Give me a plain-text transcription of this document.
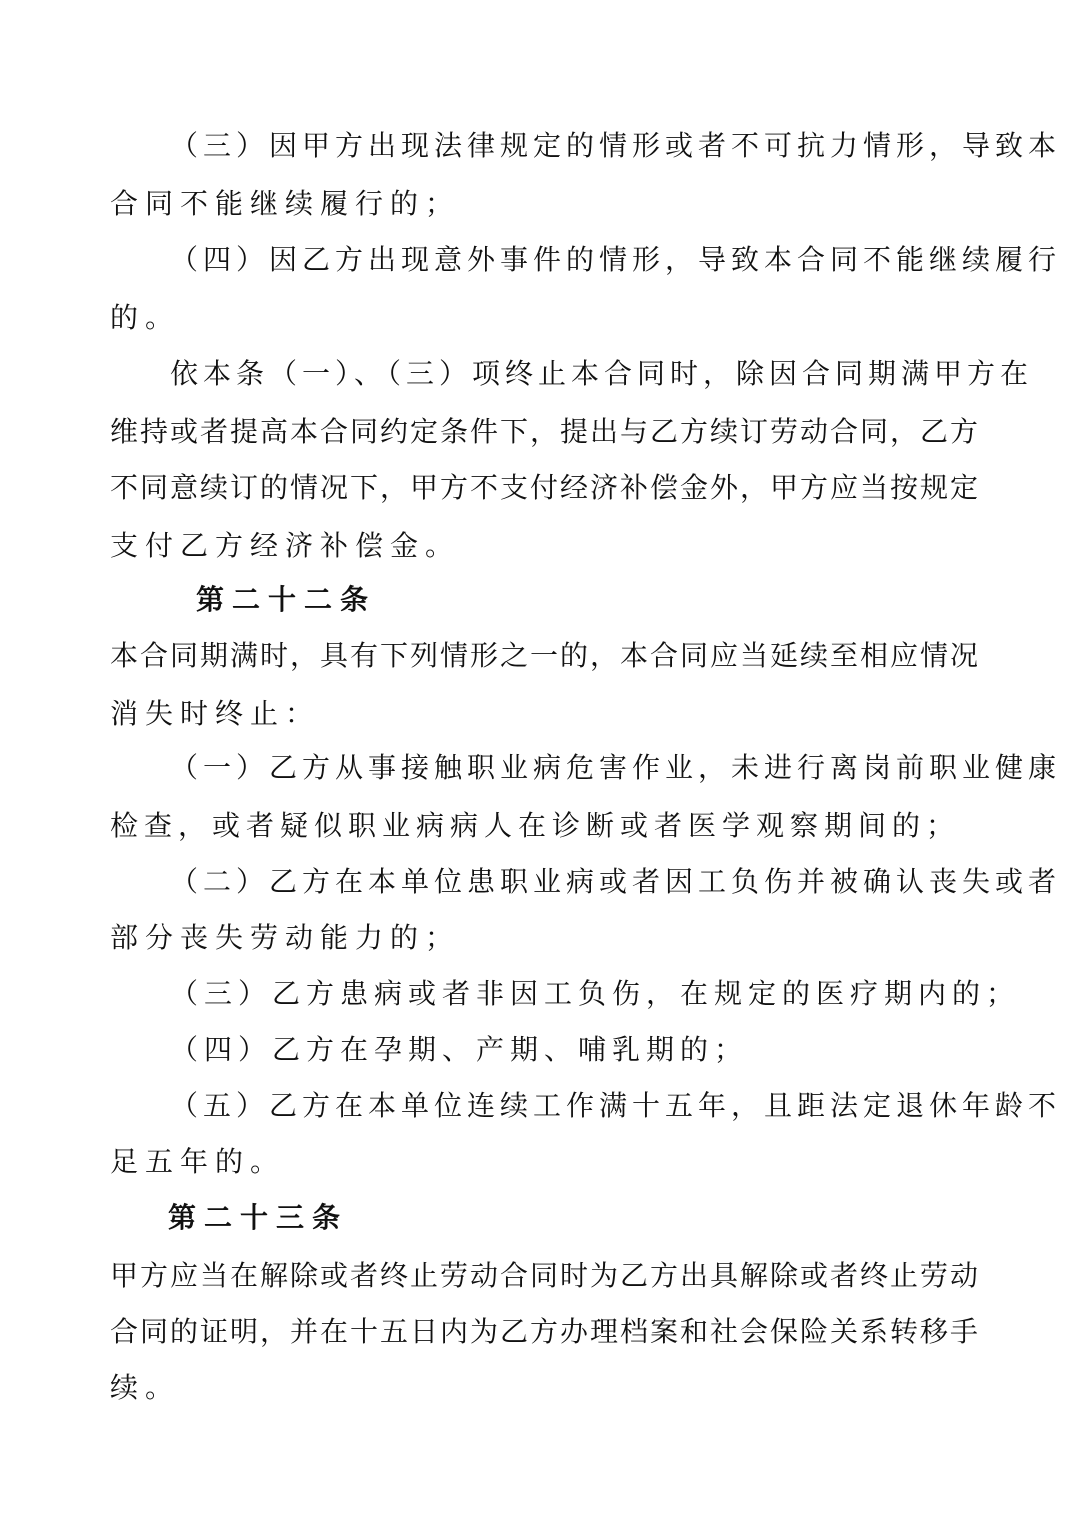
（三）因甲方出现法律规定的情形或者不可抗力情形，导致本
合同不能继续履行的；
（四）因乙方出现意外事件的情形，导致本合同不能继续履行
的。
依本条（一）、（三）项终止本合同时，除因合同期满甲方在
维持或者提高本合同约定条件下，提出与乙方续订劳动合同，乙方
不同意续订的情况下，甲方不支付经济补偿金外，甲方应当按规定
支付乙方经济补偿金。
第二十二条
本合同期满时，具有下列情形之一的，本合同应当延续至相应情况
消失时终止：
（一）乙方从事接触职业病危害作业，未进行离岗前职业健康
检查，或者疑似职业病病人在诊断或者医学观察期间的；
（二）乙方在本单位患职业病或者因工负伤并被确认丧失或者
部分丧失劳动能力的；
（三）乙方患病或者非因工负伤，在规定的医疗期内的；
（四）乙方在孕期、产期、哺乳期的；
（五）乙方在本单位连续工作满十五年，且距法定退休年龄不
足五年的。
第二十三条
甲方应当在解除或者终止劳动合同时为乙方出具解除或者终止劳动
合同的证明，并在十五日内为乙方办理档案和社会保险关系转移手
续。
